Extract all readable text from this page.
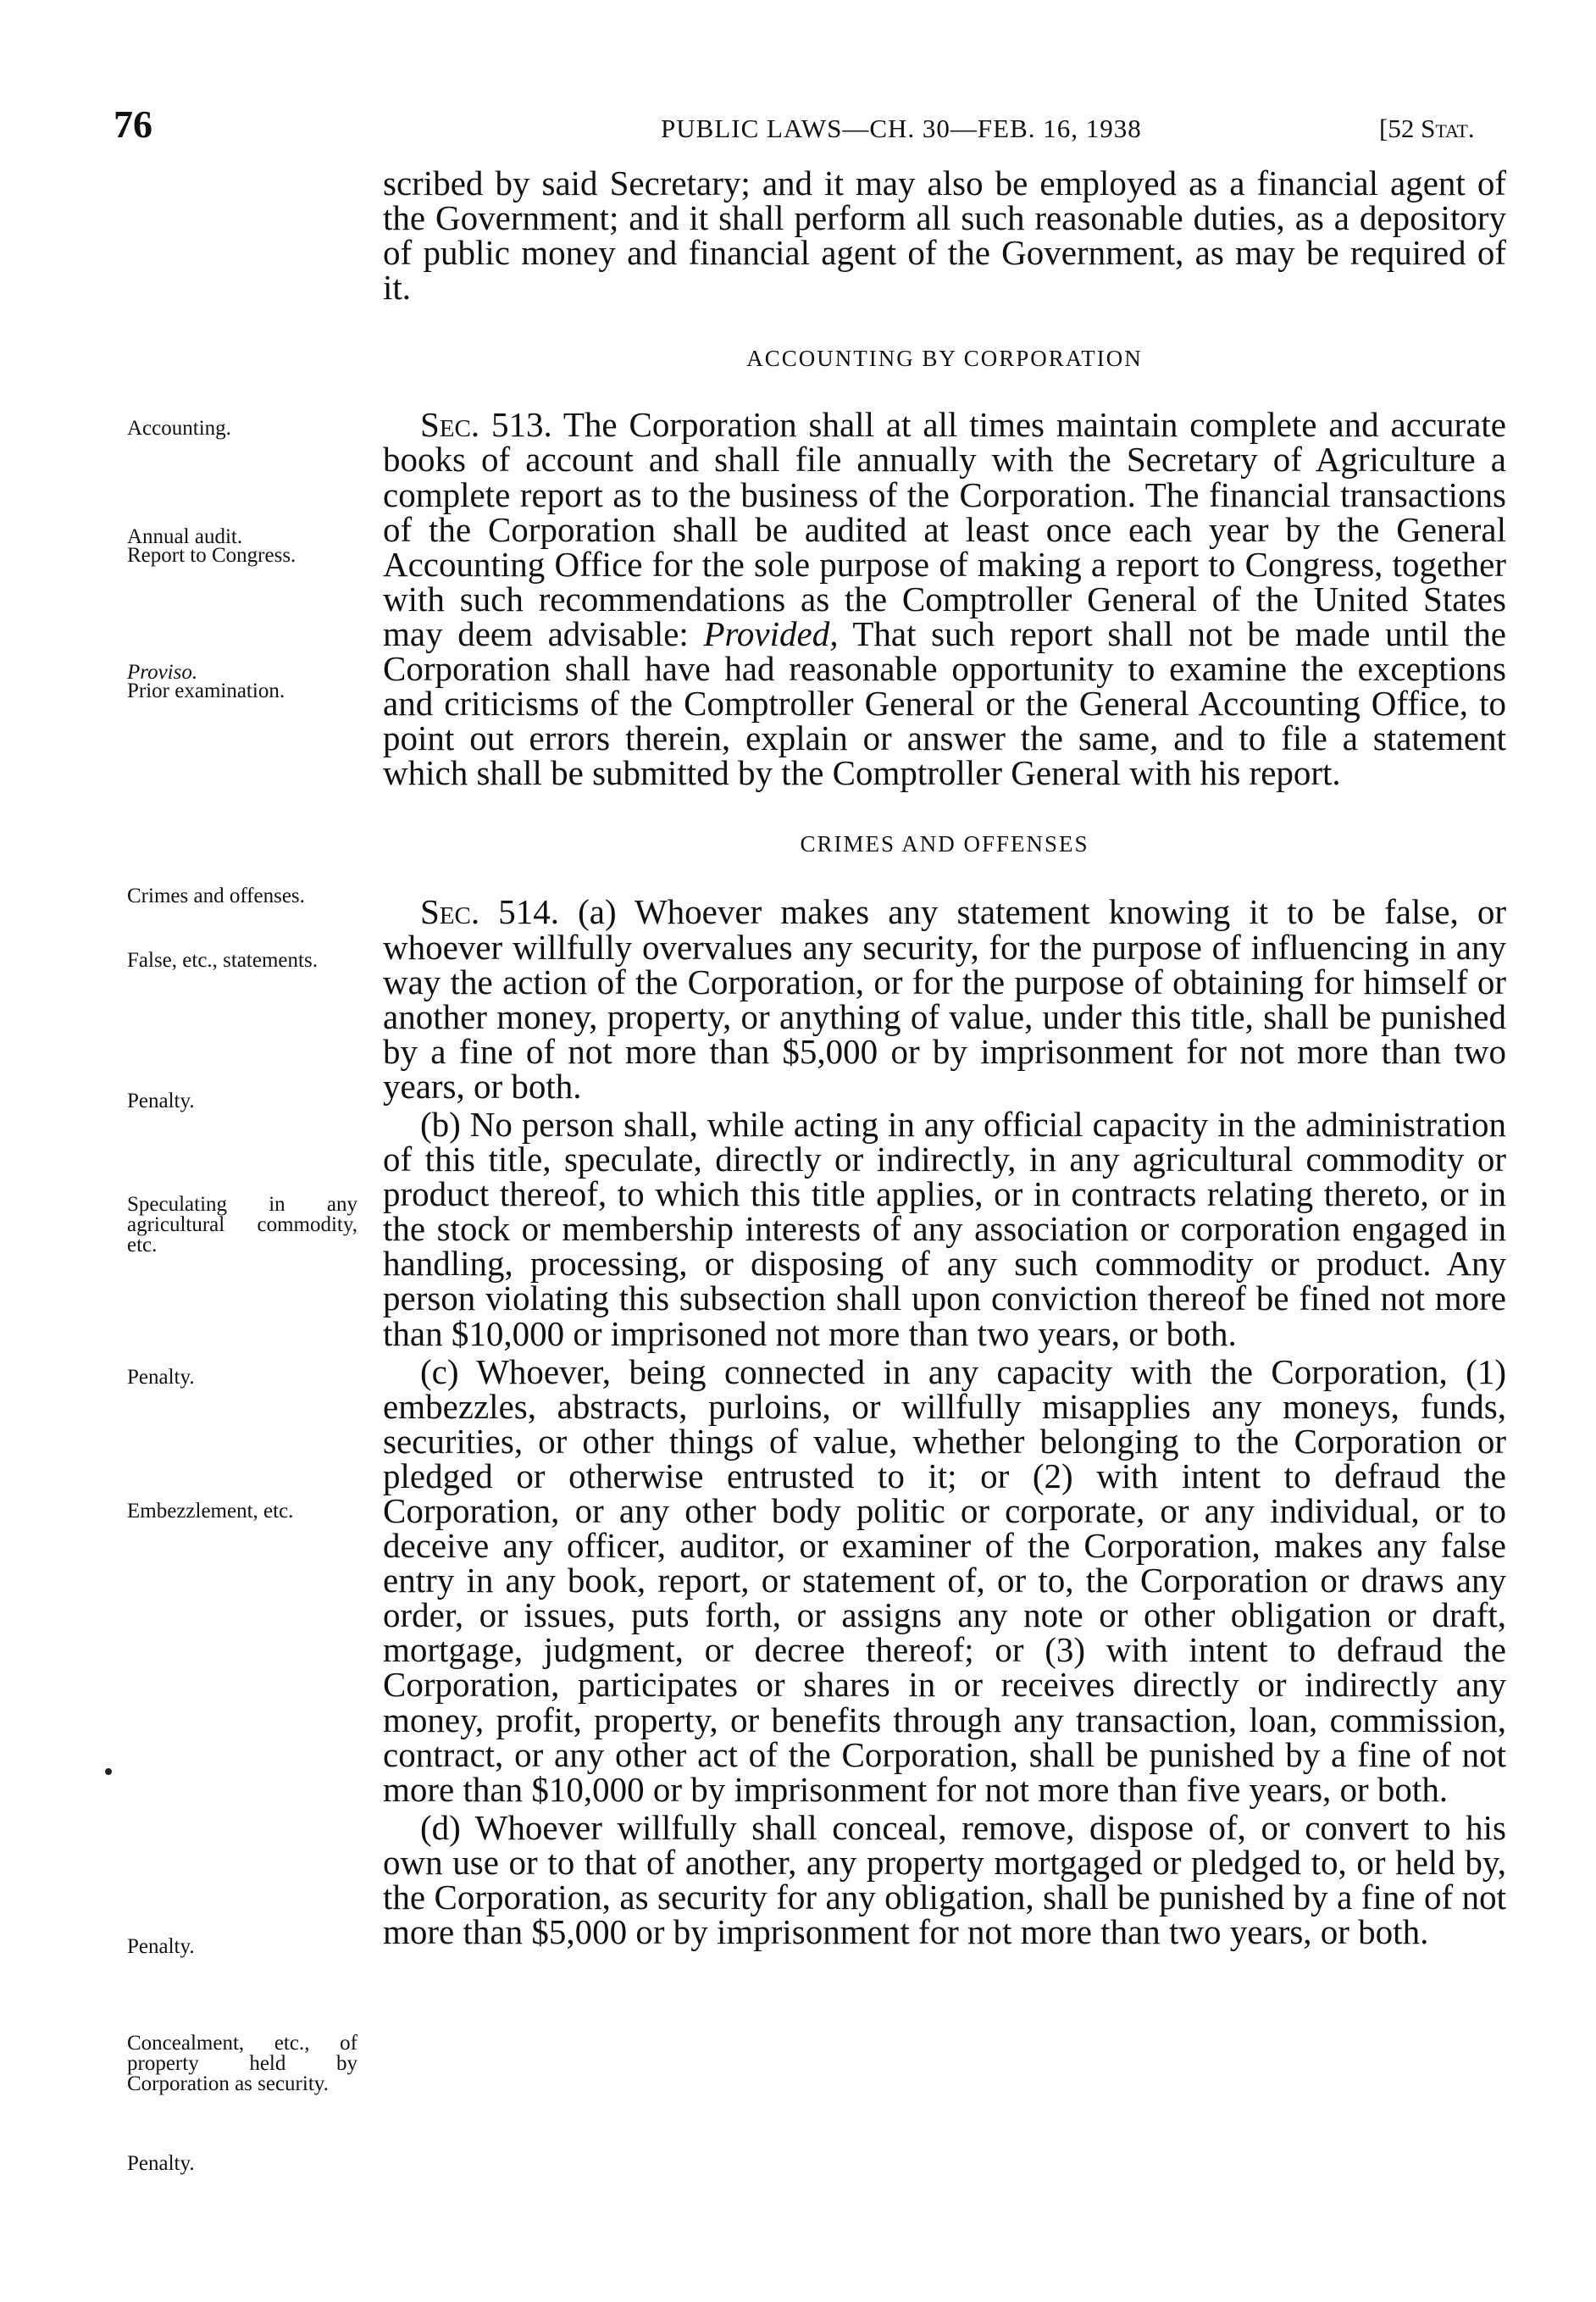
76	PUBLIC LAWS—CH. 30—FEB. 16, 1938	[52 Stat.
Accounting.
Annual audit.
Report to Congress.
Proviso.
Prior examination.
Crimes and offenses.
False, etc., statements.
Penalty.
Speculating in any agricultural commodity, etc.
Penalty.
Embezzlement, etc.
Penalty.
Concealment, etc., of property held by Corporation as security.
Penalty.

scribed by said Secretary; and it may also be employed as a financial agent of the Government; and it shall perform all such reasonable duties, as a depository of public money and financial agent of the Government, as may be required of it.

ACCOUNTING BY CORPORATION

Sec. 513. The Corporation shall at all times maintain complete and accurate books of account and shall file annually with the Secretary of Agriculture a complete report as to the business of the Corporation. The financial transactions of the Corporation shall be audited at least once each year by the General Accounting Office for the sole purpose of making a report to Congress, together with such recommendations as the Comptroller General of the United States may deem advisable: Provided, That such report shall not be made until the Corporation shall have had reasonable opportunity to examine the exceptions and criticisms of the Comptroller General or the General Accounting Office, to point out errors therein, explain or answer the same, and to file a statement which shall be submitted by the Comptroller General with his report.

CRIMES AND OFFENSES

Sec. 514. (a) Whoever makes any statement knowing it to be false, or whoever willfully overvalues any security, for the purpose of influencing in any way the action of the Corporation, or for the purpose of obtaining for himself or another money, property, or anything of value, under this title, shall be punished by a fine of not more than $5,000 or by imprisonment for not more than two years, or both.

(b) No person shall, while acting in any official capacity in the administration of this title, speculate, directly or indirectly, in any agricultural commodity or product thereof, to which this title applies, or in contracts relating thereto, or in the stock or membership interests of any association or corporation engaged in handling, processing, or disposing of any such commodity or product. Any person violating this subsection shall upon conviction thereof be fined not more than $10,000 or imprisoned not more than two years, or both.

(c) Whoever, being connected in any capacity with the Corporation, (1) embezzles, abstracts, purloins, or willfully misapplies any moneys, funds, securities, or other things of value, whether belonging to the Corporation or pledged or otherwise entrusted to it; or (2) with intent to defraud the Corporation, or any other body politic or corporate, or any individual, or to deceive any officer, auditor, or examiner of the Corporation, makes any false entry in any book, report, or statement of, or to, the Corporation or draws any order, or issues, puts forth, or assigns any note or other obligation or draft, mortgage, judgment, or decree thereof; or (3) with intent to defraud the Corporation, participates or shares in or receives directly or indirectly any money, profit, property, or benefits through any transaction, loan, commission, contract, or any other act of the Corporation, shall be punished by a fine of not more than $10,000 or by imprisonment for not more than five years, or both.

(d) Whoever willfully shall conceal, remove, dispose of, or convert to his own use or to that of another, any property mortgaged or pledged to, or held by, the Corporation, as security for any obligation, shall be punished by a fine of not more than $5,000 or by imprisonment for not more than two years, or both.
